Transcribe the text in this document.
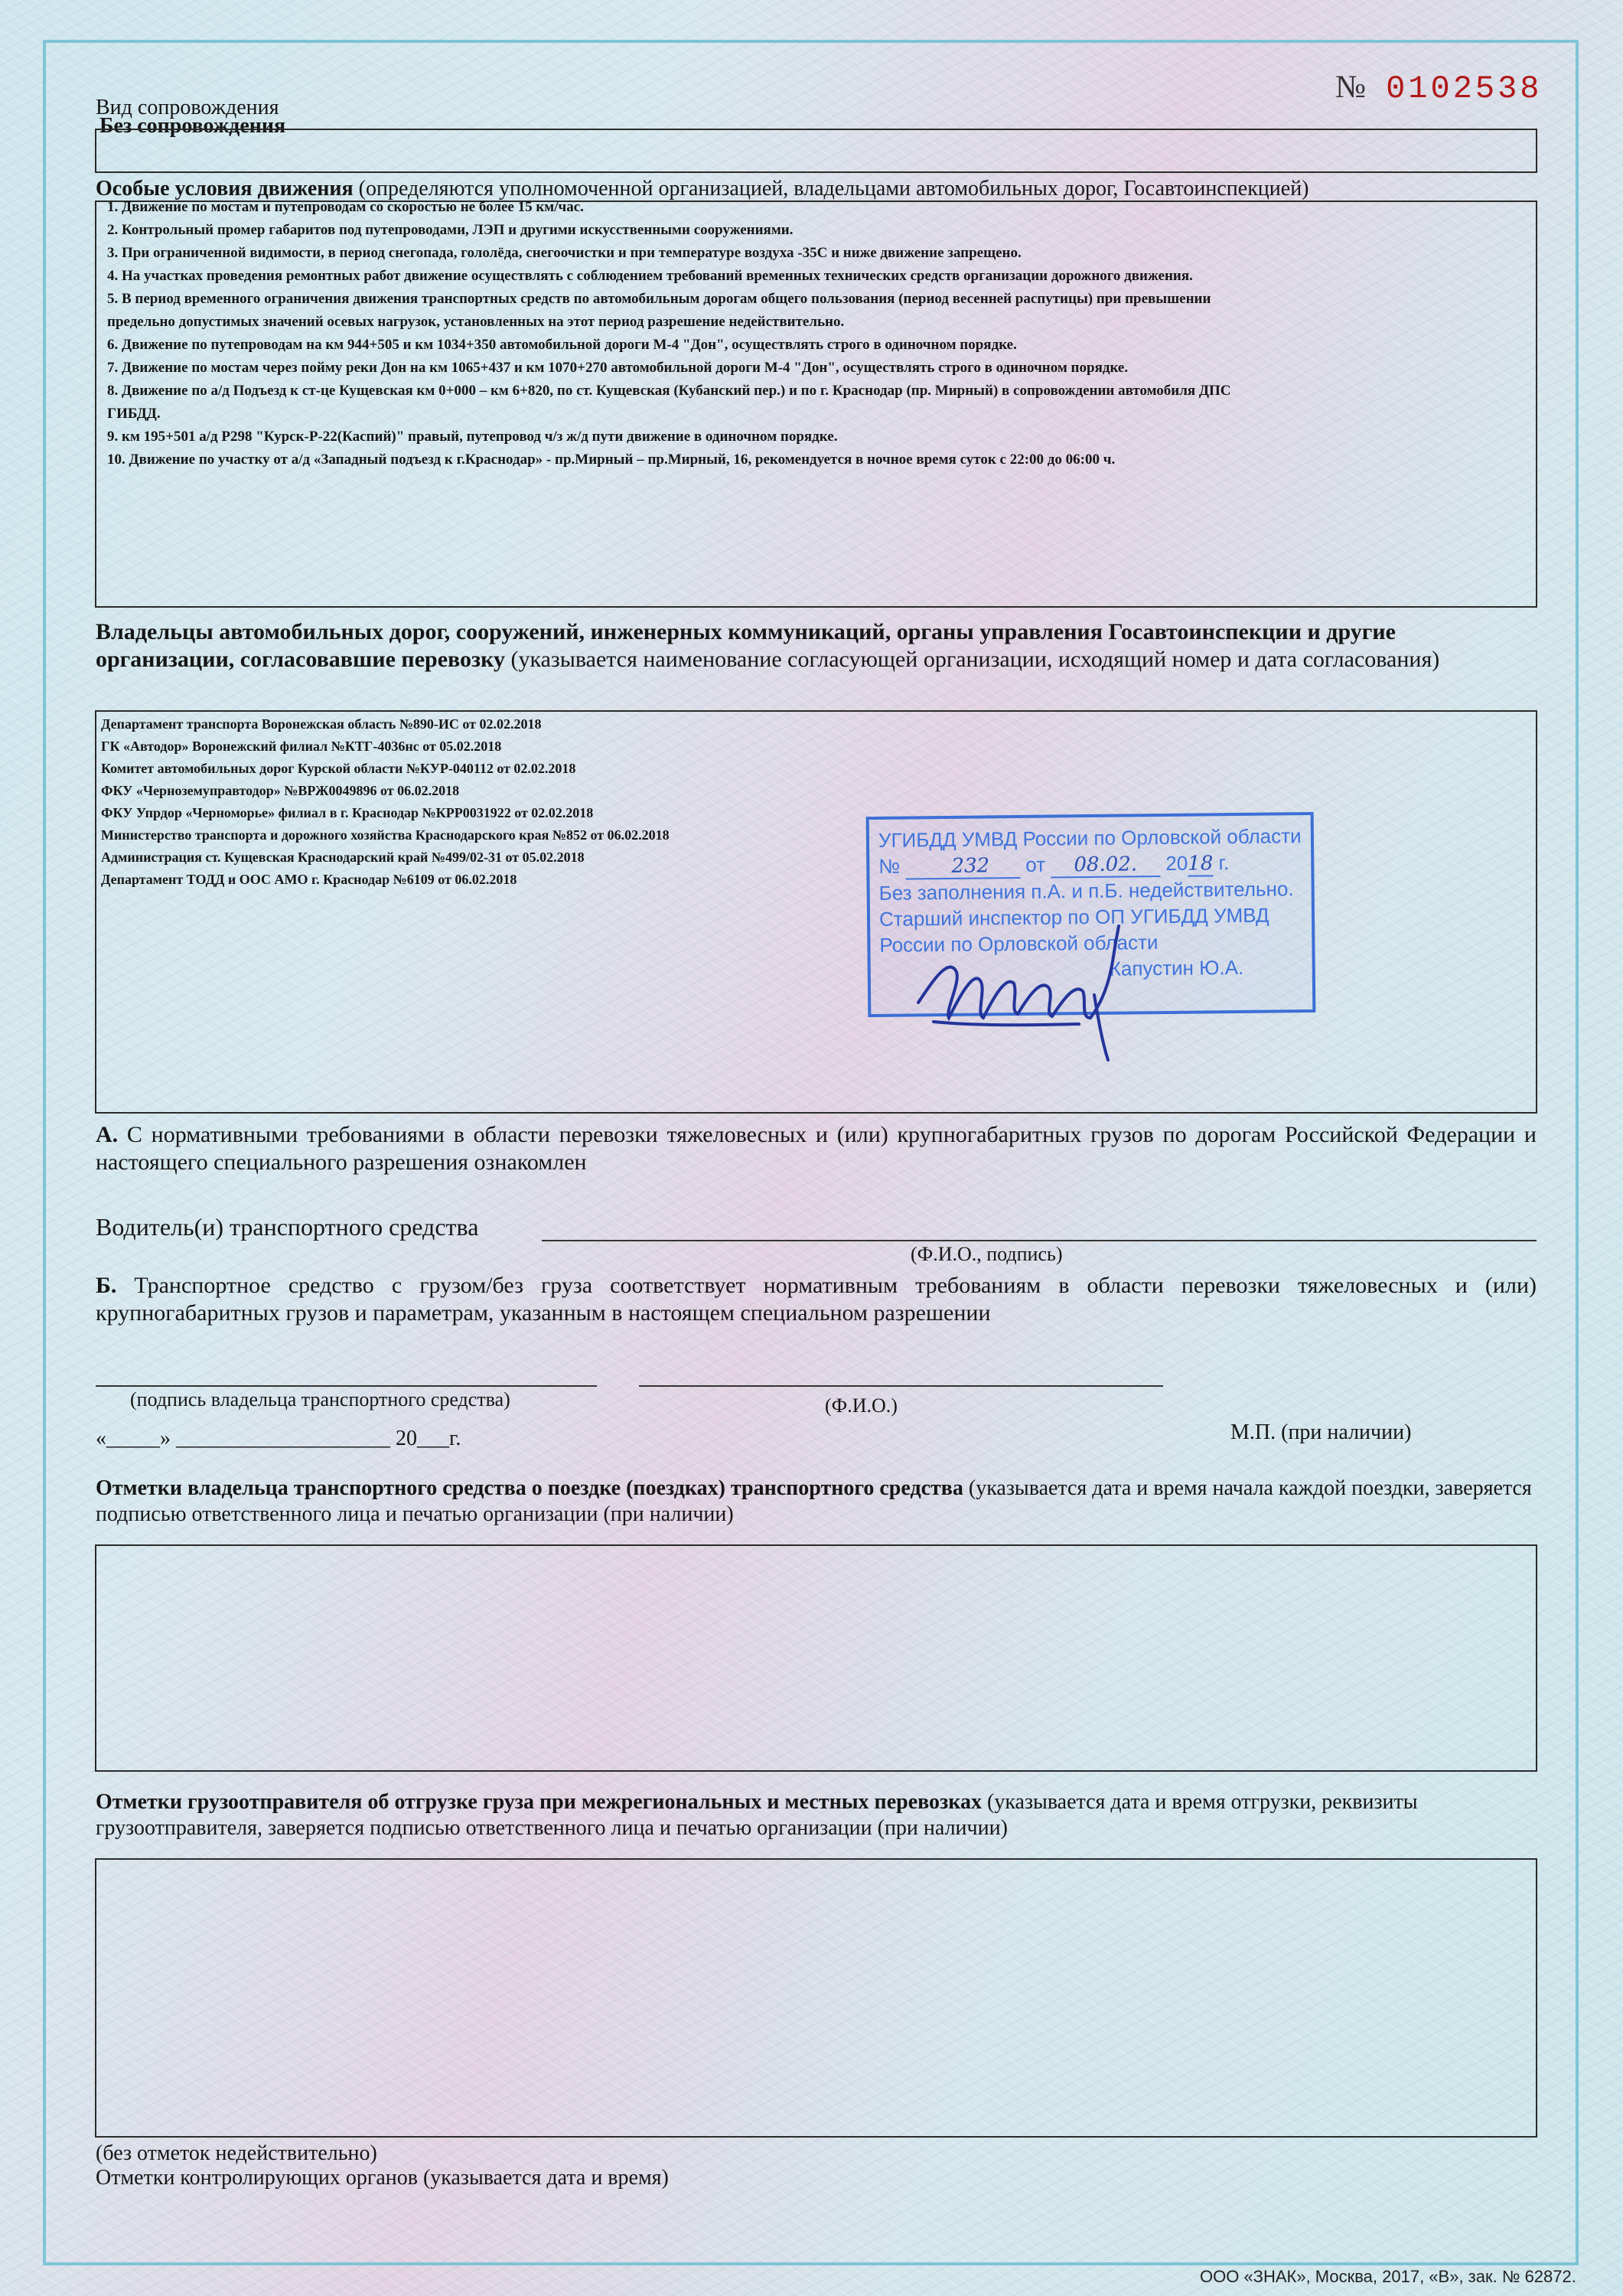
№ 0102538
Вид сопровождения
Без сопровождения
Особые условия движения (определяются уполномоченной организацией, владельцами автомобильных дорог, Госавтоинспекцией)
1. Движение по мостам и путепроводам со скоростью не более 15 км/час.
2. Контрольный промер габаритов под путепроводами, ЛЭП и другими искусственными сооружениями.
3. При ограниченной видимости, в период снегопада, гололёда, снегоочистки и при температуре воздуха -35С и ниже движение запрещено.
4. На участках проведения ремонтных работ движение осуществлять с соблюдением требований временных технических средств организации дорожного движения.
5. В период временного ограничения движения транспортных средств по автомобильным дорогам общего пользования (период весенней распутицы) при превышении предельно допустимых значений осевых нагрузок, установленных на этот период разрешение недействительно.
6. Движение по путепроводам на км 944+505 и км 1034+350 автомобильной дороги М-4 "Дон", осуществлять строго в одиночном порядке.
7. Движение по мостам через пойму реки Дон на км 1065+437 и км 1070+270 автомобильной дороги М-4 "Дон", осуществлять строго в одиночном порядке.
8. Движение по а/д Подъезд к ст-це Кущевская км 0+000 – км 6+820, по ст. Кущевская (Кубанский пер.) и по г. Краснодар (пр. Мирный) в сопровождении автомобиля ДПС ГИБДД.
9. км 195+501 а/д Р298 "Курск-Р-22(Каспий)" правый, путепровод ч/з ж/д пути движение в одиночном порядке.
10. Движение по участку от а/д «Западный подъезд к г.Краснодар» - пр.Мирный – пр.Мирный, 16, рекомендуется в ночное время суток с 22:00 до 06:00 ч.
Владельцы автомобильных дорог, сооружений, инженерных коммуникаций, органы управления Госавтоинспекции и другие организации, согласовавшие перевозку (указывается наименование согласующей организации, исходящий номер и дата согласования)
Департамент транспорта Воронежская область №890-ИС от 02.02.2018
ГК «Автодор» Воронежский филиал №КТГ-4036нс от 05.02.2018
Комитет автомобильных дорог Курской области №КУР-040112 от 02.02.2018
ФКУ «Черноземуправтодор» №ВРЖ0049896 от 06.02.2018
ФКУ Упрдор «Черноморье» филиал в г. Краснодар №КРР0031922 от 02.02.2018
Министерство транспорта и дорожного хозяйства Краснодарского края №852 от 06.02.2018
Администрация ст. Кущевская Краснодарский край №499/02-31 от 05.02.2018
Департамент ТОДД и ООС АМО г. Краснодар №6109 от 06.02.2018
УГИБДД УМВД России по Орловской области
№	232 от 08.02. 2018 г.
Без заполнения п.А. и п.Б. недействительно.
Старший инспектор по ОП УГИБДД УМВД
России по Орловской области
Капустин Ю.А.
А. С нормативными требованиями в области перевозки тяжеловесных и (или) крупногабаритных грузов по дорогам Российской Федерации и настоящего специального разрешения ознакомлен
Водитель(и) транспортного средства
(Ф.И.О., подпись)
Б. Транспортное средство с грузом/без груза соответствует нормативным требованиям в области перевозки тяжеловесных и (или) крупногабаритных грузов и параметрам, указанным в настоящем специальном разрешении
(подпись владельца транспортного средства)	(Ф.И.О.)
«_____» ____________________ 20___г.	М.П. (при наличии)
Отметки владельца транспортного средства о поездке (поездках) транспортного средства (указывается дата и время начала каждой поездки, заверяется подписью ответственного лица и печатью организации (при наличии)
Отметки грузоотправителя об отгрузке груза при межрегиональных и местных перевозках (указывается дата и время отгрузки, реквизиты грузоотправителя, заверяется подписью ответственного лица и печатью организации (при наличии)
(без отметок недействительно)
Отметки контролирующих органов (указывается дата и время)
ООО «ЗНАК», Москва, 2017, «В», зак. № 62872.
